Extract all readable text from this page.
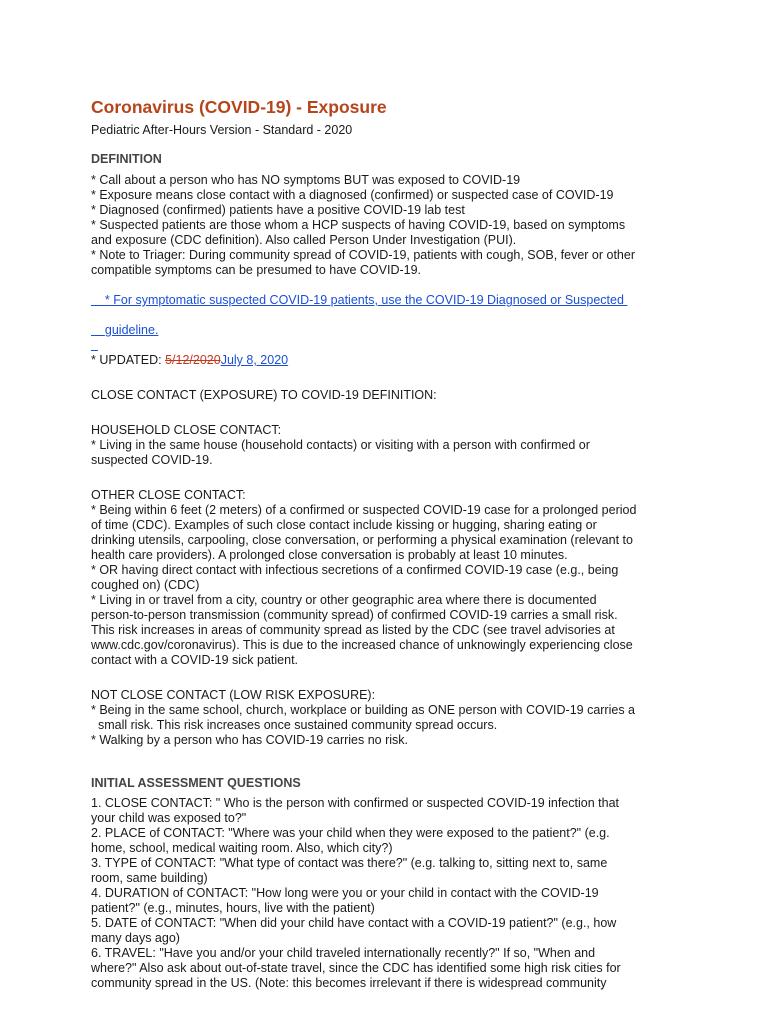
Coronavirus (COVID-19) - Exposure
Pediatric After-Hours Version - Standard - 2020
DEFINITION
* Call about a person who has NO symptoms BUT was exposed to COVID-19
* Exposure means close contact with a diagnosed (confirmed) or suspected case of COVID-19
* Diagnosed (confirmed) patients have a positive COVID-19 lab test
* Suspected patients are those whom a HCP suspects of having COVID-19, based on symptoms
and exposure (CDC definition). Also called Person Under Investigation (PUI).
* Note to Triager: During community spread of COVID-19, patients with cough, SOB, fever or other
compatible symptoms can be presumed to have COVID-19.

* For symptomatic suspected COVID-19 patients, use the COVID-19 Diagnosed or Suspected

guideline.

* UPDATED: 5/12/2020July 8, 2020
CLOSE CONTACT (EXPOSURE) TO COVID-19 DEFINITION:
HOUSEHOLD CLOSE CONTACT:
* Living in the same house (household contacts) or visiting with a person with confirmed or
suspected COVID-19.
OTHER CLOSE CONTACT:
* Being within 6 feet (2 meters) of a confirmed or suspected COVID-19 case for a prolonged period
of time (CDC). Examples of such close contact include kissing or hugging, sharing eating or
drinking utensils, carpooling, close conversation, or performing a physical examination (relevant to
health care providers). A prolonged close conversation is probably at least 10 minutes.
* OR having direct contact with infectious secretions of a confirmed COVID-19 case (e.g., being
coughed on) (CDC)
* Living in or travel from a city, country or other geographic area where there is documented
person-to-person transmission (community spread) of confirmed COVID-19 carries a small risk.
This risk increases in areas of community spread as listed by the CDC (see travel advisories at
www.cdc.gov/coronavirus). This is due to the increased chance of unknowingly experiencing close
contact with a COVID-19 sick patient.
NOT CLOSE CONTACT (LOW RISK EXPOSURE):
* Being in the same school, church, workplace or building as ONE person with COVID-19 carries a
small risk. This risk increases once sustained community spread occurs.
* Walking by a person who has COVID-19 carries no risk.
INITIAL ASSESSMENT QUESTIONS
1. CLOSE CONTACT: " Who is the person with confirmed or suspected COVID-19 infection that
your child was exposed to?"
2. PLACE of CONTACT: "Where was your child when they were exposed to the patient?" (e.g.
home, school, medical waiting room. Also, which city?)
3. TYPE of CONTACT: "What type of contact was there?" (e.g. talking to, sitting next to, same
room, same building)
4. DURATION of CONTACT: "How long were you or your child in contact with the COVID-19
patient?" (e.g., minutes, hours, live with the patient)
5. DATE of CONTACT: "When did your child have contact with a COVID-19 patient?" (e.g., how
many days ago)
6. TRAVEL: "Have you and/or your child traveled internationally recently?" If so, "When and
where?" Also ask about out-of-state travel, since the CDC has identified some high risk cities for
community spread in the US. (Note: this becomes irrelevant if there is widespread community
